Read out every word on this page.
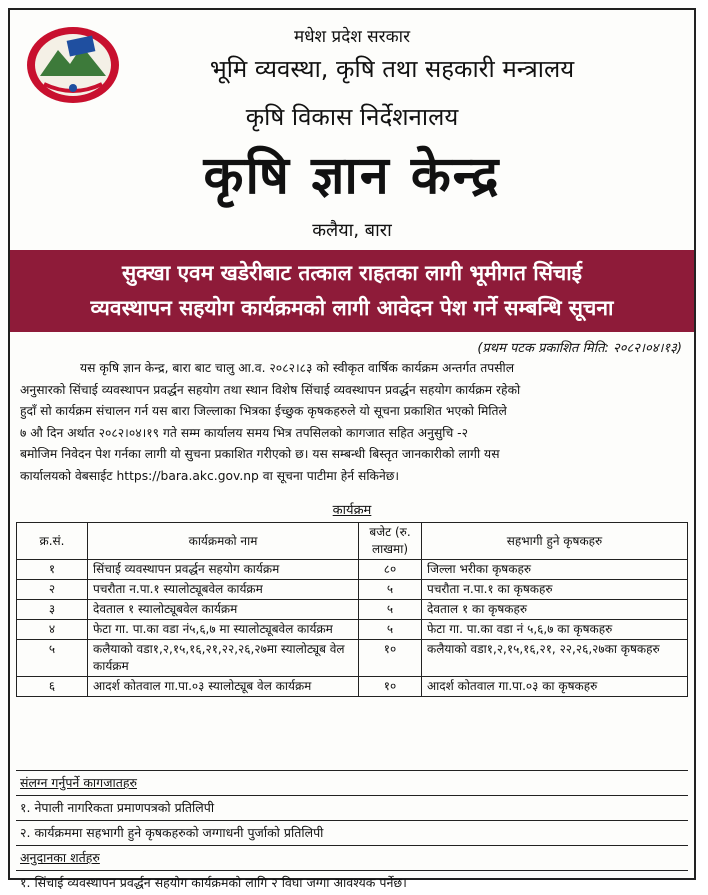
मधेश प्रदेश सरकार
भूमि व्यवस्था, कृषि तथा सहकारी मन्त्रालय
कृषि विकास निर्देशनालय
कृषि ज्ञान केन्द्र
कलैया, बारा
सुक्खा एवम खडेरीबाट तत्काल राहतका लागी भूमीगत सिंचाई
व्यवस्थापन सहयोग कार्यक्रमको लागी आवेदन पेश गर्ने सम्बन्धि सूचना
(प्रथम पटक प्रकाशित मिति: २०८२।०४।१३)
यस कृषि ज्ञान केन्द्र, बारा बाट चालु आ.व. २०८२।८३ को स्वीकृत वार्षिक कार्यक्रम अन्तर्गत तपसील
अनुसारको सिंचाई व्यवस्थापन प्रवर्द्धन सहयोग तथा स्थान विशेष सिंचाई व्यवस्थापन प्रवर्द्धन सहयोग कार्यक्रम रहेको
हुदाँ सो कार्यक्रम संचालन गर्न यस बारा जिल्लाका भित्रका ईच्छुक कृषकहरुले यो सूचना प्रकाशित भएको मितिले
७ औ दिन अर्थात २०८२।०४।१९ गते सम्म कार्यालय समय भित्र तपसिलको कागजात सहित अनुसुचि -२
बमोजिम निवेदन पेश गर्नका लागी यो सुचना प्रकाशित गरीएको छ। यस सम्बन्धी बिस्तृत जानकारीको लागी यस
कार्यालयको वेबसाईट https://bara.akc.gov.np वा सूचना पाटीमा हेर्न सकिनेछ।
कार्यक्रम
क्र.सं.	कार्यक्रमको नाम	बजेट (रु. लाखमा)	सहभागी हुने कृषकहरु
१	सिंचाई व्यवस्थापन प्रवर्द्धन सहयोग कार्यक्रम	८०	जिल्ला भरीका कृषकहरु
२	पचरौता न.पा.१ स्यालोट्यूबवेल कार्यक्रम	५	पचरौता न.पा.१ का कृषकहरु
३	देवताल १ स्यालोट्यूबवेल कार्यक्रम	५	देवताल १ का कृषकहरु
४	फेटा गा. पा.का वडा नं५,६,७ मा स्यालोट्यूबवेल कार्यक्रम	५	फेटा गा. पा.का वडा नं ५,६,७ का कृषकहरु
५	कलैयाको वडा१,२,१५,१६,२१,२२,२६,२७मा स्यालोट्यूब वेल कार्यक्रम	१०	कलैयाको वडा१,२,१५,१६,२१, २२,२६,२७का कृषकहरु
६	आदर्श कोतवाल गा.पा.०३ स्यालोट्यूब वेल कार्यक्रम	१०	आदर्श कोतवाल गा.पा.०३ का कृषकहरु
संलग्न गर्नुपर्ने कागजातहरु
१. नेपाली नागरिकता प्रमाणपत्रको प्रतिलिपी
२. कार्यक्रममा सहभागी हुने कृषकहरुको जग्गाधनी पुर्जाको प्रतिलिपी
अनुदानका शर्तहरु
१. सिंचाई व्यवस्थापन प्रवर्द्धन सहयोग कार्यक्रमको लागि २ विघा जग्गा आवश्यक पर्नेछ।
